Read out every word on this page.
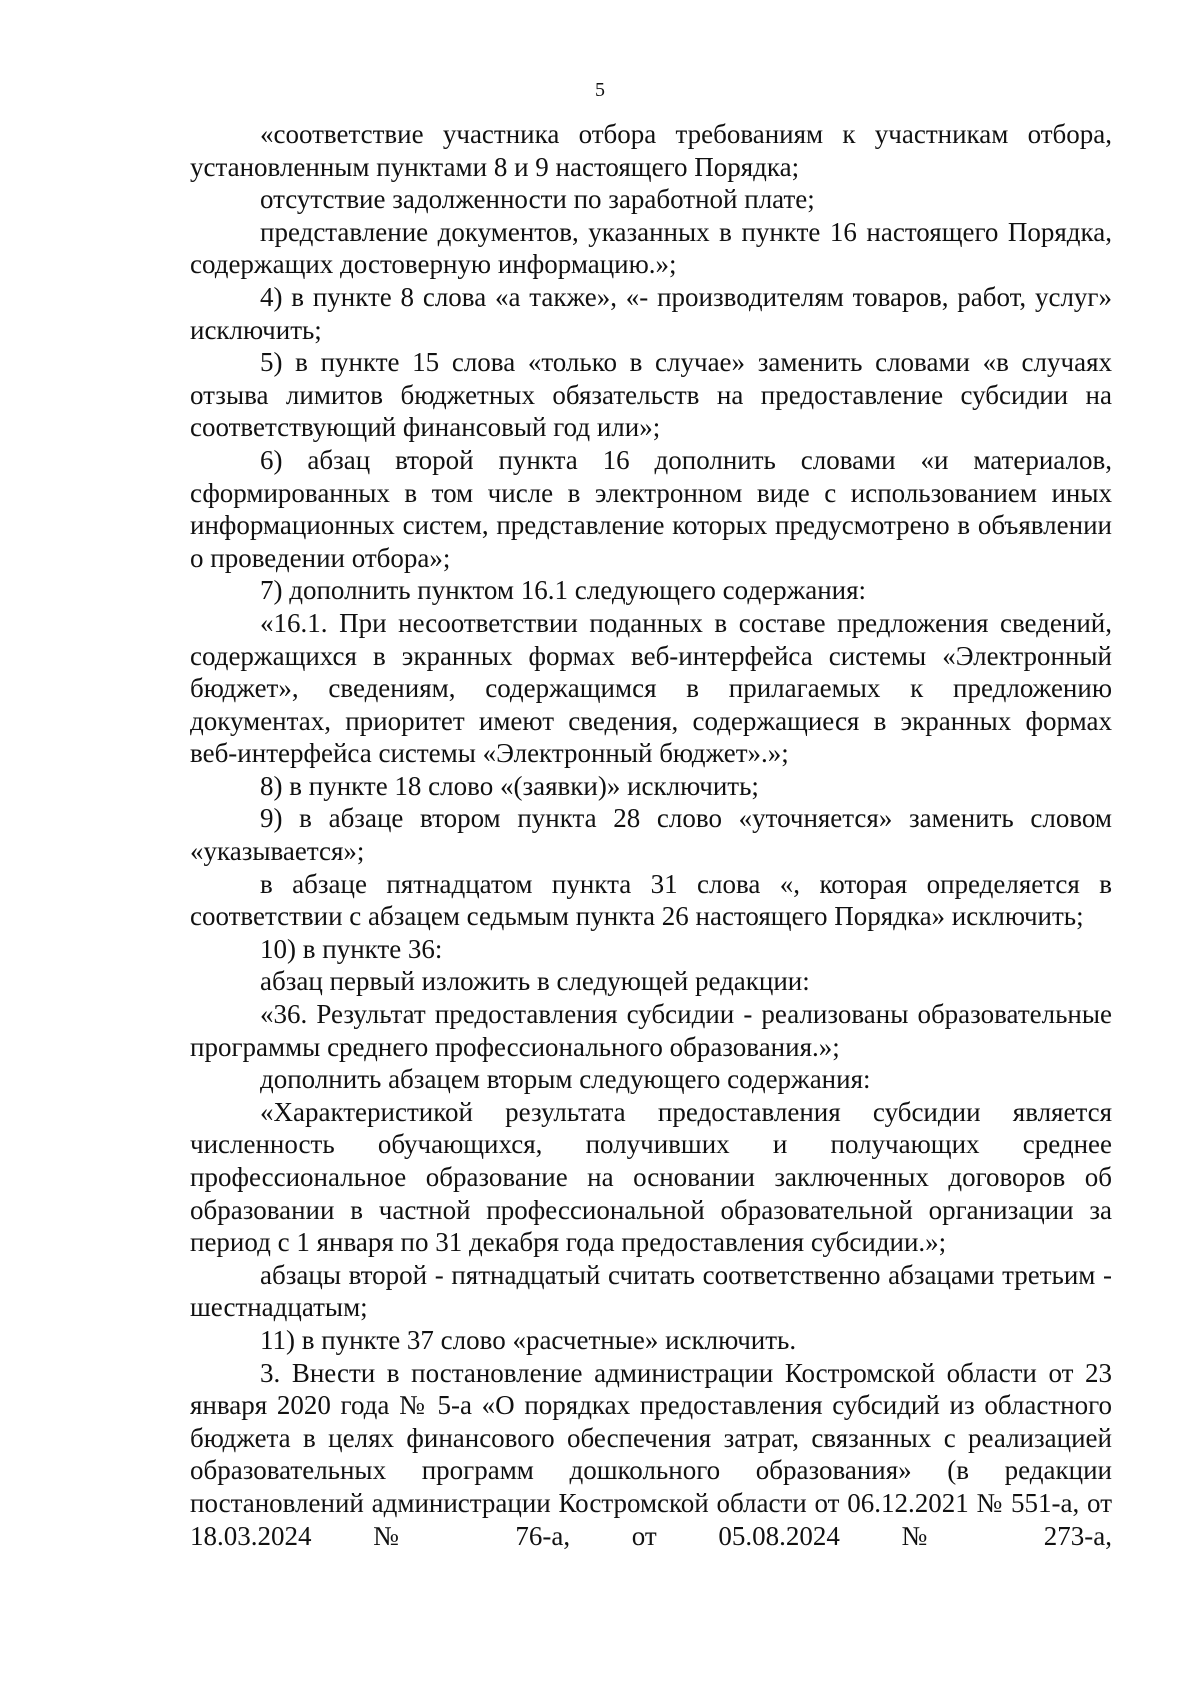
5

«соответствие участника отбора требованиям к участникам отбора, установленным пунктами 8 и 9 настоящего Порядка;

отсутствие задолженности по заработной плате;

представление документов, указанных в пункте 16 настоящего Порядка, содержащих достоверную информацию.»;

4) в пункте 8 слова «а также», «- производителям товаров, работ, услуг» исключить;

5) в пункте 15 слова «только в случае» заменить словами «в случаях отзыва лимитов бюджетных обязательств на предоставление субсидии на соответствующий финансовый год или»;

6) абзац второй пункта 16 дополнить словами «и материалов, сформированных в том числе в электронном виде с использованием иных информационных систем, представление которых предусмотрено в объявлении о проведении отбора»;

7) дополнить пунктом 16.1 следующего содержания:

«16.1. При несоответствии поданных в составе предложения сведений, содержащихся в экранных формах веб-интерфейса системы «Электронный бюджет», сведениям, содержащимся в прилагаемых к предложению документах, приоритет имеют сведения, содержащиеся в экранных формах веб-интерфейса системы «Электронный бюджет».»;

8) в пункте 18 слово «(заявки)» исключить;

9) в абзаце втором пункта 28 слово «уточняется» заменить словом «указывается»;

в абзаце пятнадцатом пункта 31 слова «, которая определяется в соответствии с абзацем седьмым пункта 26 настоящего Порядка» исключить;

10) в пункте 36:

абзац первый изложить в следующей редакции:

«36. Результат предоставления субсидии - реализованы образовательные программы среднего профессионального образования.»;

дополнить абзацем вторым следующего содержания:

«Характеристикой результата предоставления субсидии является численность обучающихся, получивших и получающих среднее профессиональное образование на основании заключенных договоров об образовании в частной профессиональной образовательной организации за период с 1 января по 31 декабря года предоставления субсидии.»;

абзацы второй - пятнадцатый считать соответственно абзацами третьим - шестнадцатым;

11) в пункте 37 слово «расчетные» исключить.

3. Внести в постановление администрации Костромской области от 23 января 2020 года № 5-а «О порядках предоставления субсидий из областного бюджета в целях финансового обеспечения затрат, связанных с реализацией образовательных программ дошкольного образования» (в редакции постановлений администрации Костромской области от 06.12.2021 № 551-а, от 18.03.2024 № 76-а, от 05.08.2024 № 273-а,
